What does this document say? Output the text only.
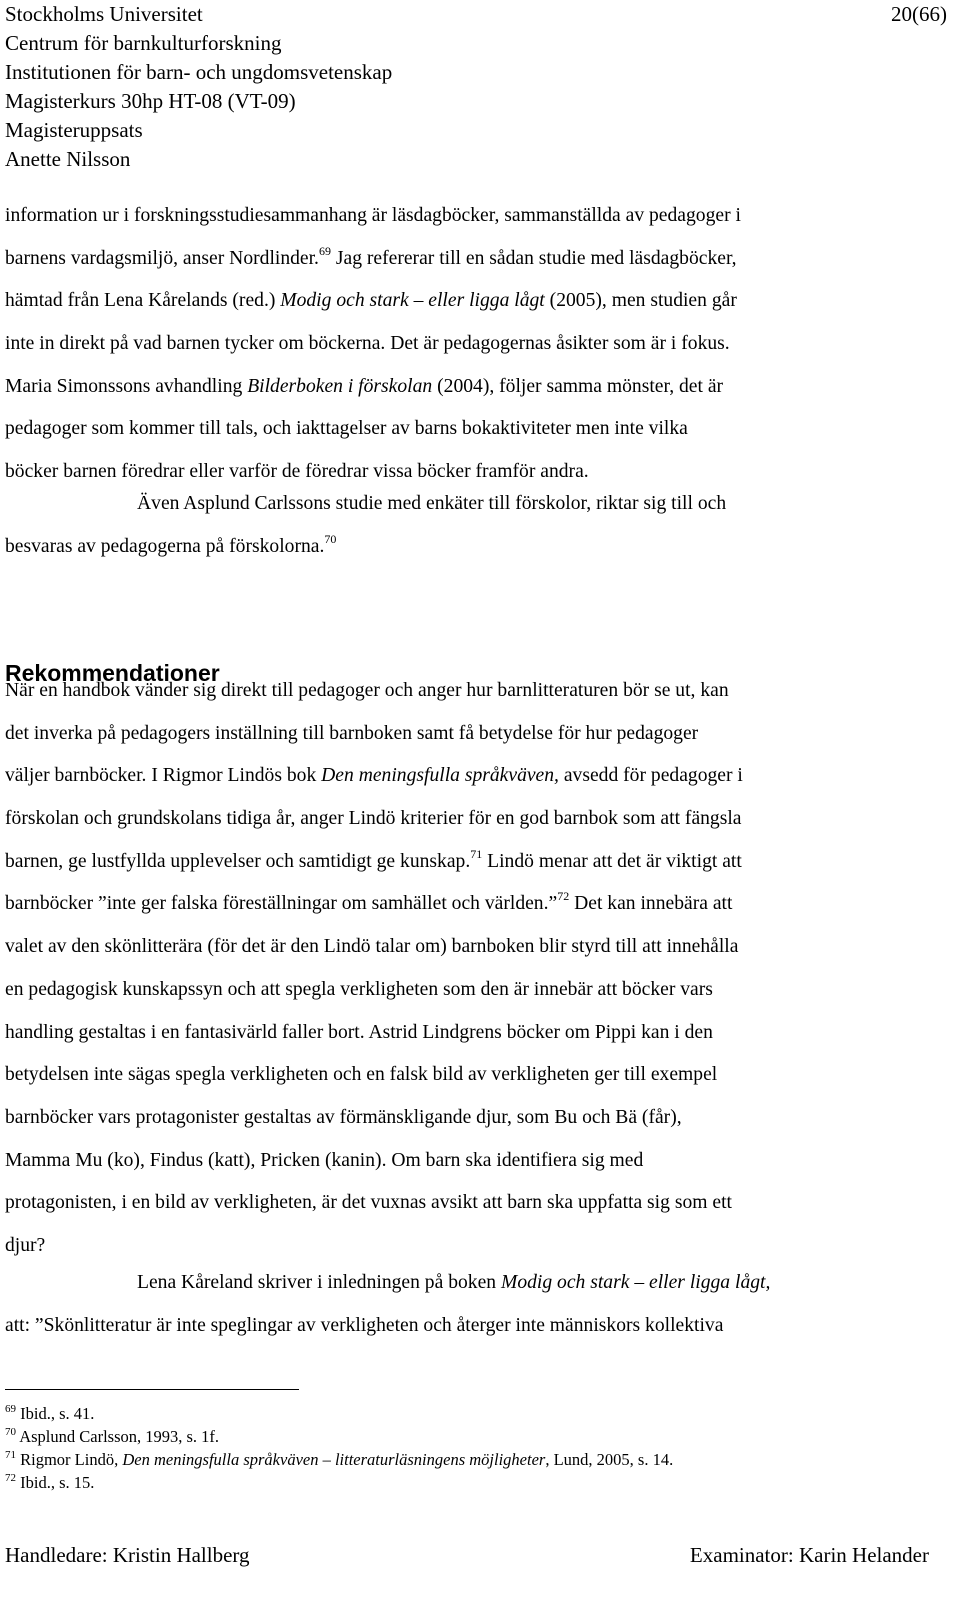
Stockholms Universitet
Centrum för barnkulturforskning
Institutionen för barn- och ungdomsvetenskap
Magisterkurs 30hp HT-08 (VT-09)
Magisteruppsats
Anette Nilsson
20(66)
information ur i forskningsstudiesammanhang är läsdagböcker, sammanställda av pedagoger i
barnens vardagsmiljö, anser Nordlinder.$^{69}$ Jag refererar till en sådan studie med läsdagböcker,
hämtad från Lena Kårelands (red.) Modig och stark – eller ligga lågt (2005), men studien går
inte in direkt på vad barnen tycker om böckerna. Det är pedagogernas åsikter som är i fokus.
Maria Simonssons avhandling Bilderboken i förskolan (2004), följer samma mönster, det är
pedagoger som kommer till tals, och iakttagelser av barns bokaktiviteter men inte vilka
böcker barnen föredrar eller varför de föredrar vissa böcker framför andra.
Även Asplund Carlssons studie med enkäter till förskolor, riktar sig till och
besvaras av pedagogerna på förskolorna.$^{70}$
Rekommendationer
När en handbok vänder sig direkt till pedagoger och anger hur barnlitteraturen bör se ut, kan
det inverka på pedagogers inställning till barnboken samt få betydelse för hur pedagoger
väljer barnböcker. I Rigmor Lindös bok Den meningsfulla språkväven, avsedd för pedagoger i
förskolan och grundskolans tidiga år, anger Lindö kriterier för en god barnbok som att fängsla
barnen, ge lustfyllda upplevelser och samtidigt ge kunskap.$^{71}$ Lindö menar att det är viktigt att
barnböcker ”inte ger falska föreställningar om samhället och världen.”$^{72}$ Det kan innebära att
valet av den skönlitterära (för det är den Lindö talar om) barnboken blir styrd till att innehålla
en pedagogisk kunskapssyn och att spegla verkligheten som den är innebär att böcker vars
handling gestaltas i en fantasivärld faller bort. Astrid Lindgrens böcker om Pippi kan i den
betydelsen inte sägas spegla verkligheten och en falsk bild av verkligheten ger till exempel
barnböcker vars protagonister gestaltas av förmänskligande djur, som Bu och Bä (får),
Mamma Mu (ko), Findus (katt), Pricken (kanin). Om barn ska identifiera sig med
protagonisten, i en bild av verkligheten, är det vuxnas avsikt att barn ska uppfatta sig som ett
djur?
Lena Kåreland skriver i inledningen på boken Modig och stark – eller ligga lågt,
att: ”Skönlitteratur är inte speglingar av verkligheten och återger inte människors kollektiva
$^{69}$ Ibid., s. 41.
$^{70}$ Asplund Carlsson, 1993, s. 1f.
$^{71}$ Rigmor Lindö, Den meningsfulla språkväven – litteraturläsningens möjligheter, Lund, 2005, s. 14.
$^{72}$ Ibid., s. 15.
Handledare: Kristin Hallberg	Examinator: Karin Helander
